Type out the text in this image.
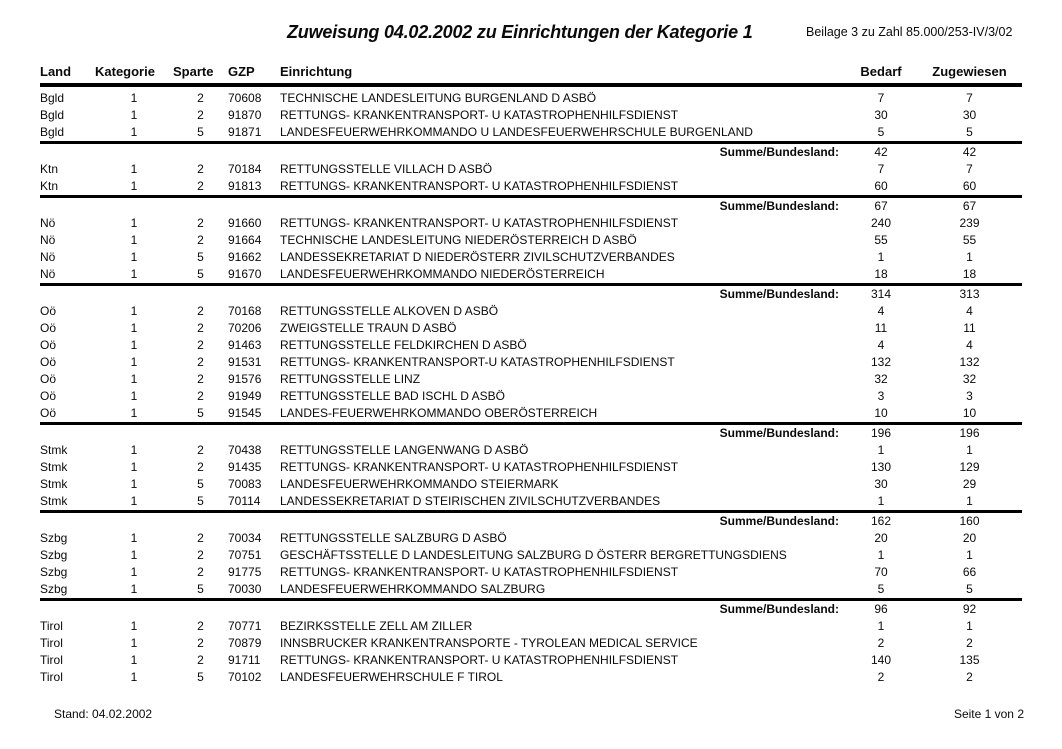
Zuweisung 04.02.2002 zu Einrichtungen der Kategorie 1	Beilage 3 zu Zahl 85.000/253-IV/3/02
Land	Kategorie	Sparte	GZP	Einrichtung	Bedarf	Zugewiesen
Bgld	1	2	70608	TECHNISCHE LANDESLEITUNG BURGENLAND D ASBÖ	7	7
Bgld	1	2	91870	RETTUNGS- KRANKENTRANSPORT- U KATASTROPHENHILFSDIENST	30	30
Bgld	1	5	91871	LANDESFEUERWEHRKOMMANDO U LANDESFEUERWEHRSCHULE BURGENLAND	5	5
Summe/Bundesland:					42	42
Ktn	1	2	70184	RETTUNGSSTELLE VILLACH D ASBÖ	7	7
Ktn	1	2	91813	RETTUNGS- KRANKENTRANSPORT- U KATASTROPHENHILFSDIENST	60	60
Summe/Bundesland:					67	67
Nö	1	2	91660	RETTUNGS- KRANKENTRANSPORT- U KATASTROPHENHILFSDIENST	240	239
Nö	1	2	91664	TECHNISCHE LANDESLEITUNG NIEDERÖSTERREICH D ASBÖ	55	55
Nö	1	5	91662	LANDESSEKRETARIAT D NIEDERÖSTERR ZIVILSCHUTZVERBANDES	1	1
Nö	1	5	91670	LANDESFEUERWEHRKOMMANDO NIEDERÖSTERREICH	18	18
Summe/Bundesland:					314	313
Oö	1	2	70168	RETTUNGSSTELLE ALKOVEN D ASBÖ	4	4
Oö	1	2	70206	ZWEIGSTELLE TRAUN D ASBÖ	11	11
Oö	1	2	91463	RETTUNGSSTELLE FELDKIRCHEN D ASBÖ	4	4
Oö	1	2	91531	RETTUNGS- KRANKENTRANSPORT-U KATASTROPHENHILFSDIENST	132	132
Oö	1	2	91576	RETTUNGSSTELLE LINZ	32	32
Oö	1	2	91949	RETTUNGSSTELLE BAD ISCHL D ASBÖ	3	3
Oö	1	5	91545	LANDES-FEUERWEHRKOMMANDO OBERÖSTERREICH	10	10
Summe/Bundesland:					196	196
Stmk	1	2	70438	RETTUNGSSTELLE LANGENWANG D ASBÖ	1	1
Stmk	1	2	91435	RETTUNGS- KRANKENTRANSPORT- U KATASTROPHENHILFSDIENST	130	129
Stmk	1	5	70083	LANDESFEUERWEHRKOMMANDO STEIERMARK	30	29
Stmk	1	5	70114	LANDESSEKRETARIAT D STEIRISCHEN ZIVILSCHUTZVERBANDES	1	1
Summe/Bundesland:					162	160
Szbg	1	2	70034	RETTUNGSSTELLE SALZBURG D ASBÖ	20	20
Szbg	1	2	70751	GESCHÄFTSSTELLE D LANDESLEITUNG SALZBURG D ÖSTERR BERGRETTUNGSDIENS	1	1
Szbg	1	2	91775	RETTUNGS- KRANKENTRANSPORT- U KATASTROPHENHILFSDIENST	70	66
Szbg	1	5	70030	LANDESFEUERWEHRKOMMANDO SALZBURG	5	5
Summe/Bundesland:					96	92
Tirol	1	2	70771	BEZIRKSSTELLE ZELL AM ZILLER	1	1
Tirol	1	2	70879	INNSBRUCKER KRANKENTRANSPORTE - TYROLEAN MEDICAL SERVICE	2	2
Tirol	1	2	91711	RETTUNGS- KRANKENTRANSPORT- U KATASTROPHENHILFSDIENST	140	135
Tirol	1	5	70102	LANDESFEUERWEHRSCHULE F TIROL	2	2
Stand: 04.02.2002	Seite 1 von 2
